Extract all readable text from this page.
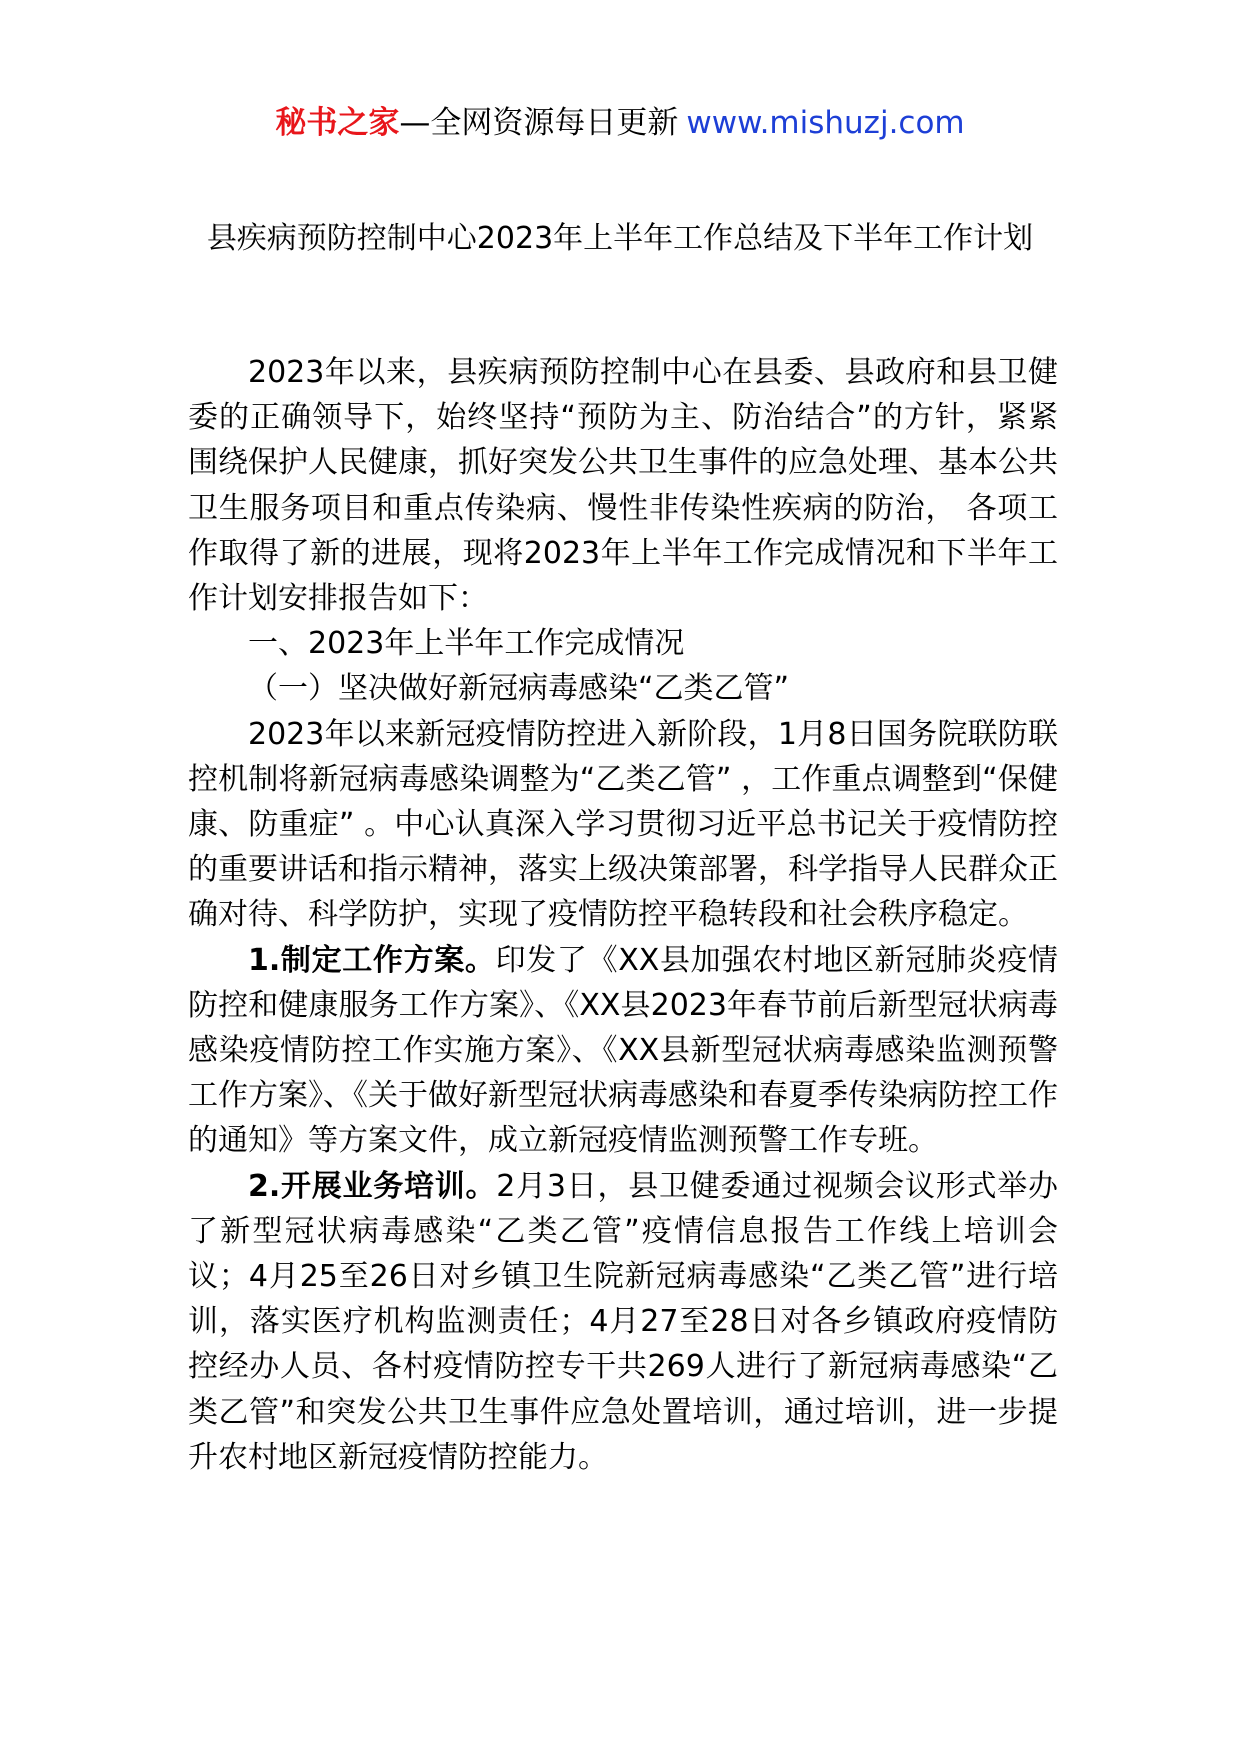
秘书之家—全网资源每日更新 www.mishuzj.com
县疾病预防控制中心2023年上半年工作总结及下半年工作计划

2023年以来，县疾病预防控制中心在县委、县政府和县卫健委的正确领导下，始终坚持“预防为主、防治结合”的方针，紧紧围绕保护人民健康，抓好突发公共卫生事件的应急处理、基本公共卫生服务项目和重点传染病、慢性非传染性疾病的防治， 各项工作取得了新的进展，现将2023年上半年工作完成情况和下半年工作计划安排报告如下：

一、2023年上半年工作完成情况

（一）坚决做好新冠病毒感染“乙类乙管”

2023年以来新冠疫情防控进入新阶段，1月8日国务院联防联控机制将新冠病毒感染调整为“乙类乙管” ，工作重点调整到“保健康、防重症” 。中心认真深入学习贯彻习近平总书记关于疫情防控的重要讲话和指示精神，落实上级决策部署，科学指导人民群众正确对待、科学防护，实现了疫情防控平稳转段和社会秩序稳定。

1.制定工作方案。印发了《XX县加强农村地区新冠肺炎疫情防控和健康服务工作方案》、《XX县2023年春节前后新型冠状病毒感染疫情防控工作实施方案》、《XX县新型冠状病毒感染监测预警工作方案》、《关于做好新型冠状病毒感染和春夏季传染病防控工作的通知》等方案文件，成立新冠疫情监测预警工作专班。

2.开展业务培训。2月3日，县卫健委通过视频会议形式举办了新型冠状病毒感染“乙类乙管”疫情信息报告工作线上培训会议；4月25至26日对乡镇卫生院新冠病毒感染“乙类乙管”进行培训，落实医疗机构监测责任；4月27至28日对各乡镇政府疫情防控经办人员、各村疫情防控专干共269人进行了新冠病毒感染“乙类乙管”和突发公共卫生事件应急处置培训，通过培训，进一步提升农村地区新冠疫情防控能力。
